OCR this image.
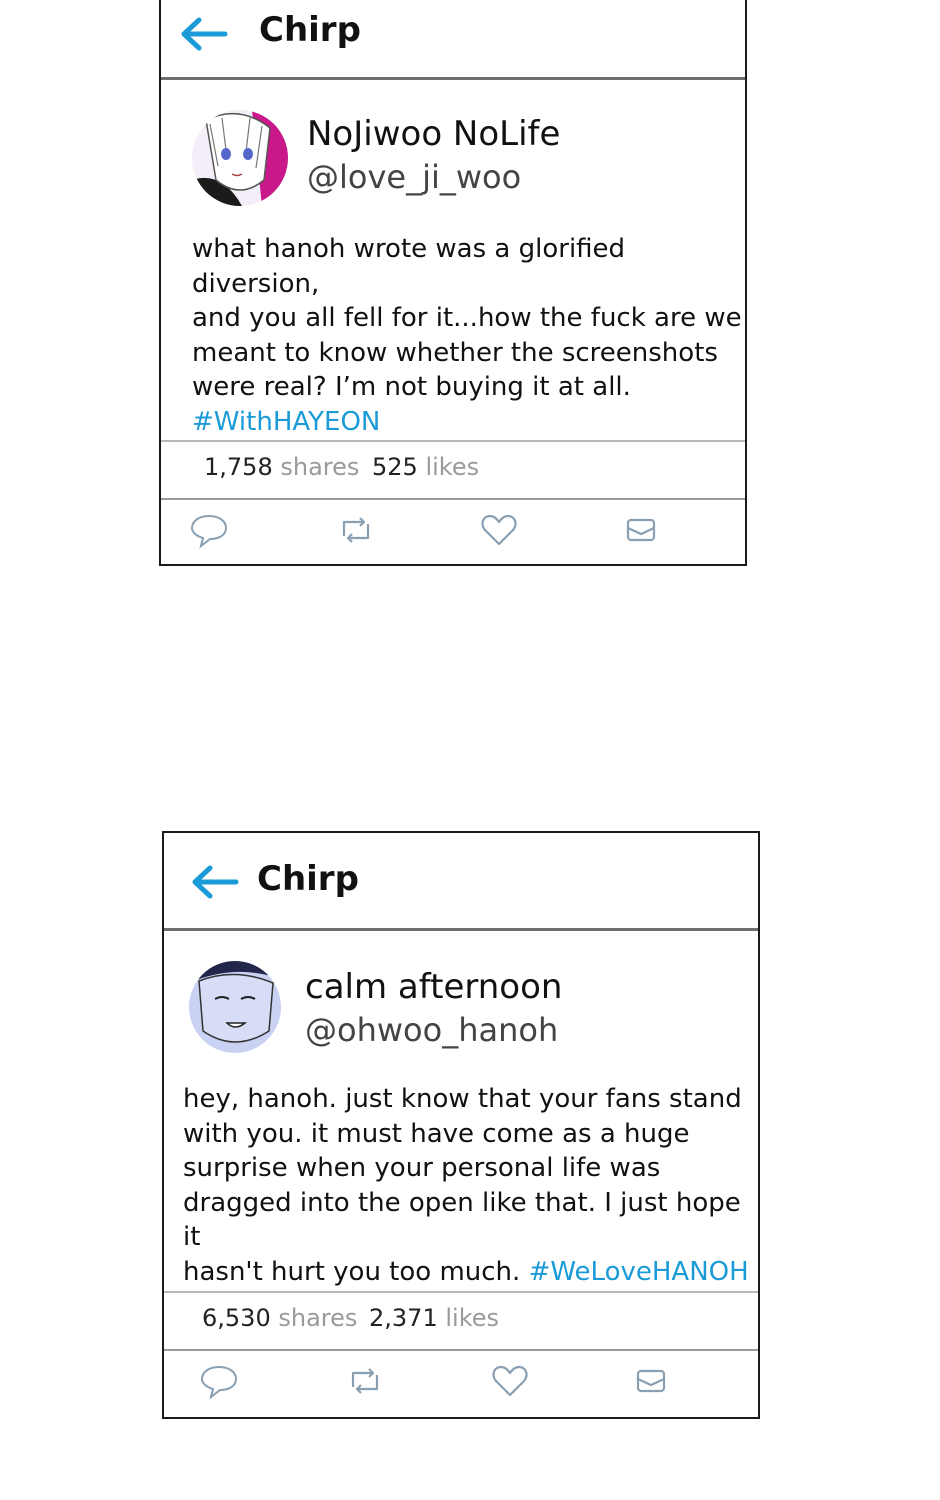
Chirp
NoJiwoo NoLife
@love_ji_woo
1,758 shares 525 likes
what hanoh wrote was a glorified diversion,
and you all fell for it...how the fuck are we
meant to know whether the screenshots
were real? I’m not buying it at all.
#WithHAYEON
Chirp
calm afternoon
@ohwoo_hanoh
6,530 shares 2,371 likes
hey, hanoh. just know that your fans stand
with you. it must have come as a huge
surprise when your personal life was
dragged into the open like that. I just hope it
hasn't hurt you too much. #WeLoveHANOH
